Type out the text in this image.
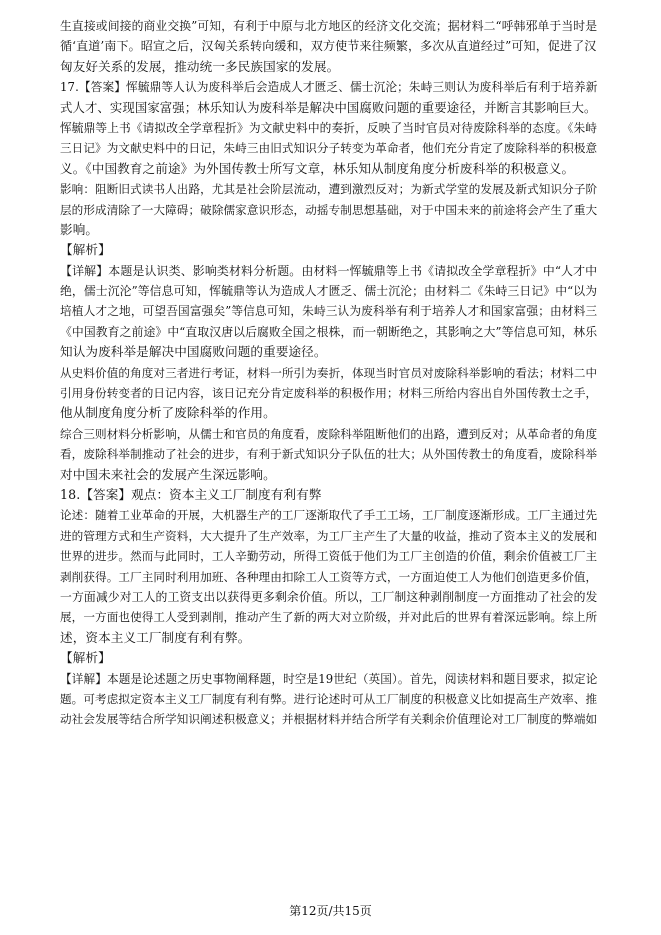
生直接或间接的商业交换”可知，有利于中原与北方地区的经济文化交流；据材料二“呼韩邪单于当时是
循‘直道’南下。昭宣之后，汉匈关系转向缓和，双方使节来往频繁，多次从直道经过”可知，促进了汉
匈友好关系的发展，推动统一多民族国家的发展。
17.【答案】恽毓鼎等人认为废科举后会造成人才匮乏、儒士沉沦；朱峙三则认为废科举后有利于培养新
式人才、实现国家富强；林乐知认为废科举是解决中国腐败问题的重要途径，并断言其影响巨大。
恽毓鼎等上书《请拟改全学章程折》为文献史料中的奏折，反映了当时官员对待废除科举的态度。《朱峙
三日记》为文献史料中的日记，朱峙三由旧式知识分子转变为革命者，他们充分肯定了废除科举的积极意
义。《中国教育之前途》为外国传教士所写文章，林乐知从制度角度分析废科举的积极意义。
影响：阻断旧式读书人出路，尤其是社会阶层流动，遭到激烈反对；为新式学堂的发展及新式知识分子阶
层的形成清除了一大障碍；破除儒家意识形态，动摇专制思想基础，对于中国未来的前途将会产生了重大
影响。
【解析】
【详解】本题是认识类、影响类材料分析题。由材料一恽毓鼎等上书《请拟改全学章程折》中“人才中
绝，儒士沉沦”等信息可知，恽毓鼎等认为造成人才匮乏、儒士沉沦；由材料二《朱峙三日记》中“以为
培植人才之地，可望吾国富强矣”等信息可知，朱峙三认为废科举有利于培养人才和国家富强；由材料三
《中国教育之前途》中“直取汉唐以后腐败全国之根株，而一朝断绝之，其影响之大”等信息可知，林乐
知认为废科举是解决中国腐败问题的重要途径。
从史料价值的角度对三者进行考证，材料一所引为奏折，体现当时官员对废除科举影响的看法；材料二中
引用身份转变者的日记内容，该日记充分肯定废科举的积极作用；材料三所给内容出自外国传教士之手，
他从制度角度分析了废除科举的作用。
综合三则材料分析影响，从儒士和官员的角度看，废除科举阻断他们的出路，遭到反对；从革命者的角度
看，废除科举制推动了社会的进步，有利于新式知识分子队伍的壮大；从外国传教士的角度看，废除科举
对中国未来社会的发展产生深远影响。
18.【答案】观点：资本主义工厂制度有利有弊
论述：随着工业革命的开展，大机器生产的工厂逐渐取代了手工工场，工厂制度逐渐形成。工厂主通过先
进的管理方式和生产资料，大大提升了生产效率，为工厂主产生了大量的收益，推动了资本主义的发展和
世界的进步。然而与此同时，工人辛勤劳动，所得工资低于他们为工厂主创造的价值，剩余价值被工厂主
剥削获得。工厂主同时利用加班、各种理由扣除工人工资等方式，一方面迫使工人为他们创造更多价值，
一方面减少对工人的工资支出以获得更多剩余价值。所以，工厂制这种剥削制度一方面推动了社会的发
展，一方面也使得工人受到剥削，推动产生了新的两大对立阶级，并对此后的世界有着深远影响。综上所
述，资本主义工厂制度有利有弊。
【解析】
【详解】本题是论述题之历史事物阐释题，时空是19世纪（英国）。首先，阅读材料和题目要求，拟定论
题。可考虑拟定资本主义工厂制度有利有弊。进行论述时可从工厂制度的积极意义比如提高生产效率、推
动社会发展等结合所学知识阐述积极意义；并根据材料并结合所学有关剩余价值理论对工厂制度的弊端如
第12页/共15页
